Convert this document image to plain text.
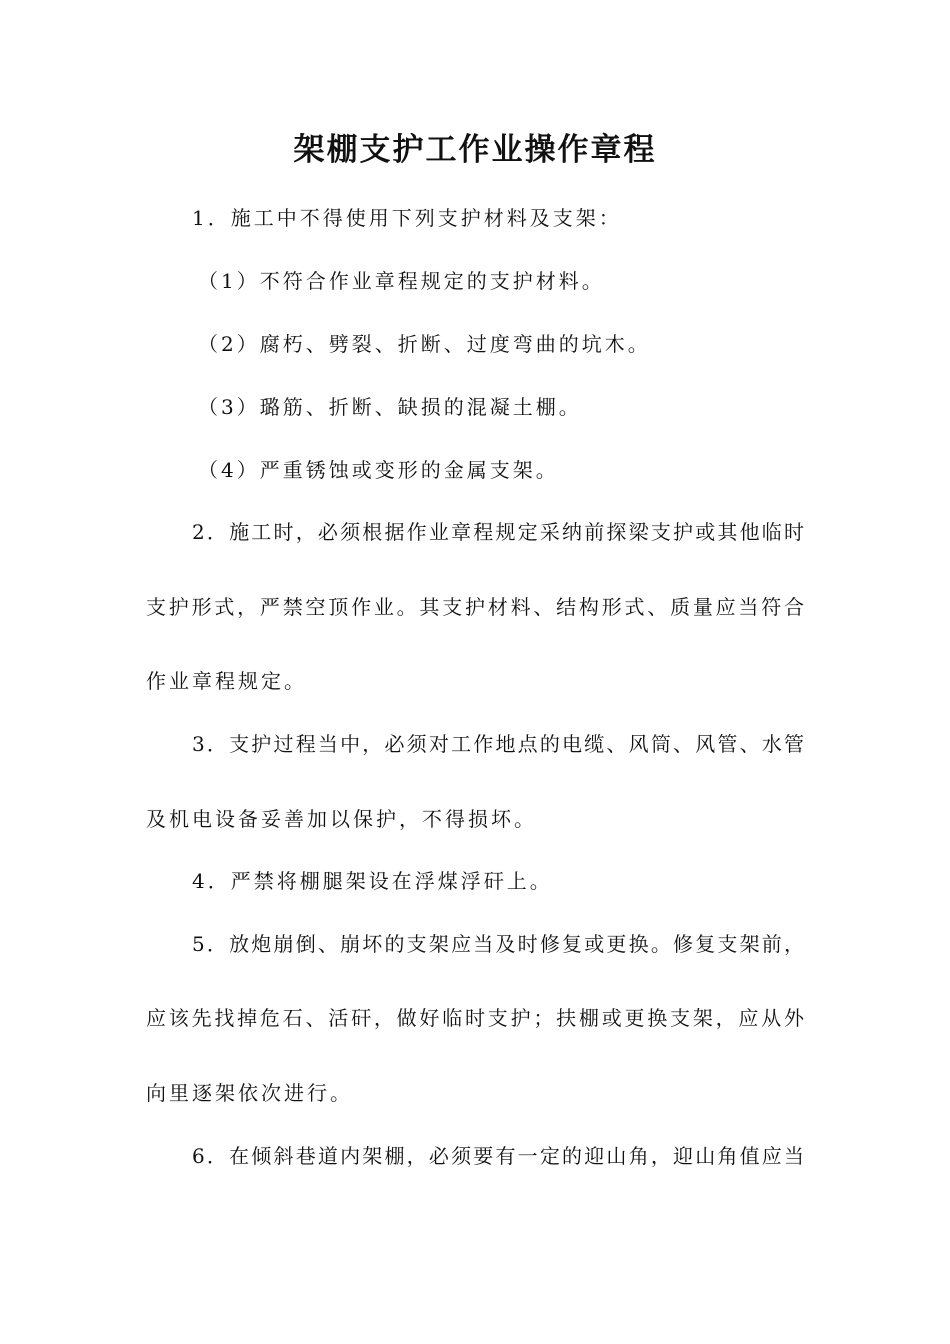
架棚支护工作业操作章程
1．施工中不得使用下列支护材料及支架：
（1）不符合作业章程规定的支护材料。
（2）腐朽、劈裂、折断、过度弯曲的坑木。
（3）璐筋、折断、缺损的混凝土棚。
（4）严重锈蚀或变形的金属支架。
2．施工时，必须根据作业章程规定采纳前探梁支护或其他临时
支护形式，严禁空顶作业。其支护材料、结构形式、质量应当符合
作业章程规定。
3．支护过程当中，必须对工作地点的电缆、风筒、风管、水管
及机电设备妥善加以保护，不得损坏。
4．严禁将棚腿架设在浮煤浮矸上。
5．放炮崩倒、崩坏的支架应当及时修复或更换。修复支架前，
应该先找掉危石、活矸，做好临时支护；扶棚或更换支架，应从外
向里逐架依次进行。
6．在倾斜巷道内架棚，必须要有一定的迎山角，迎山角值应当
